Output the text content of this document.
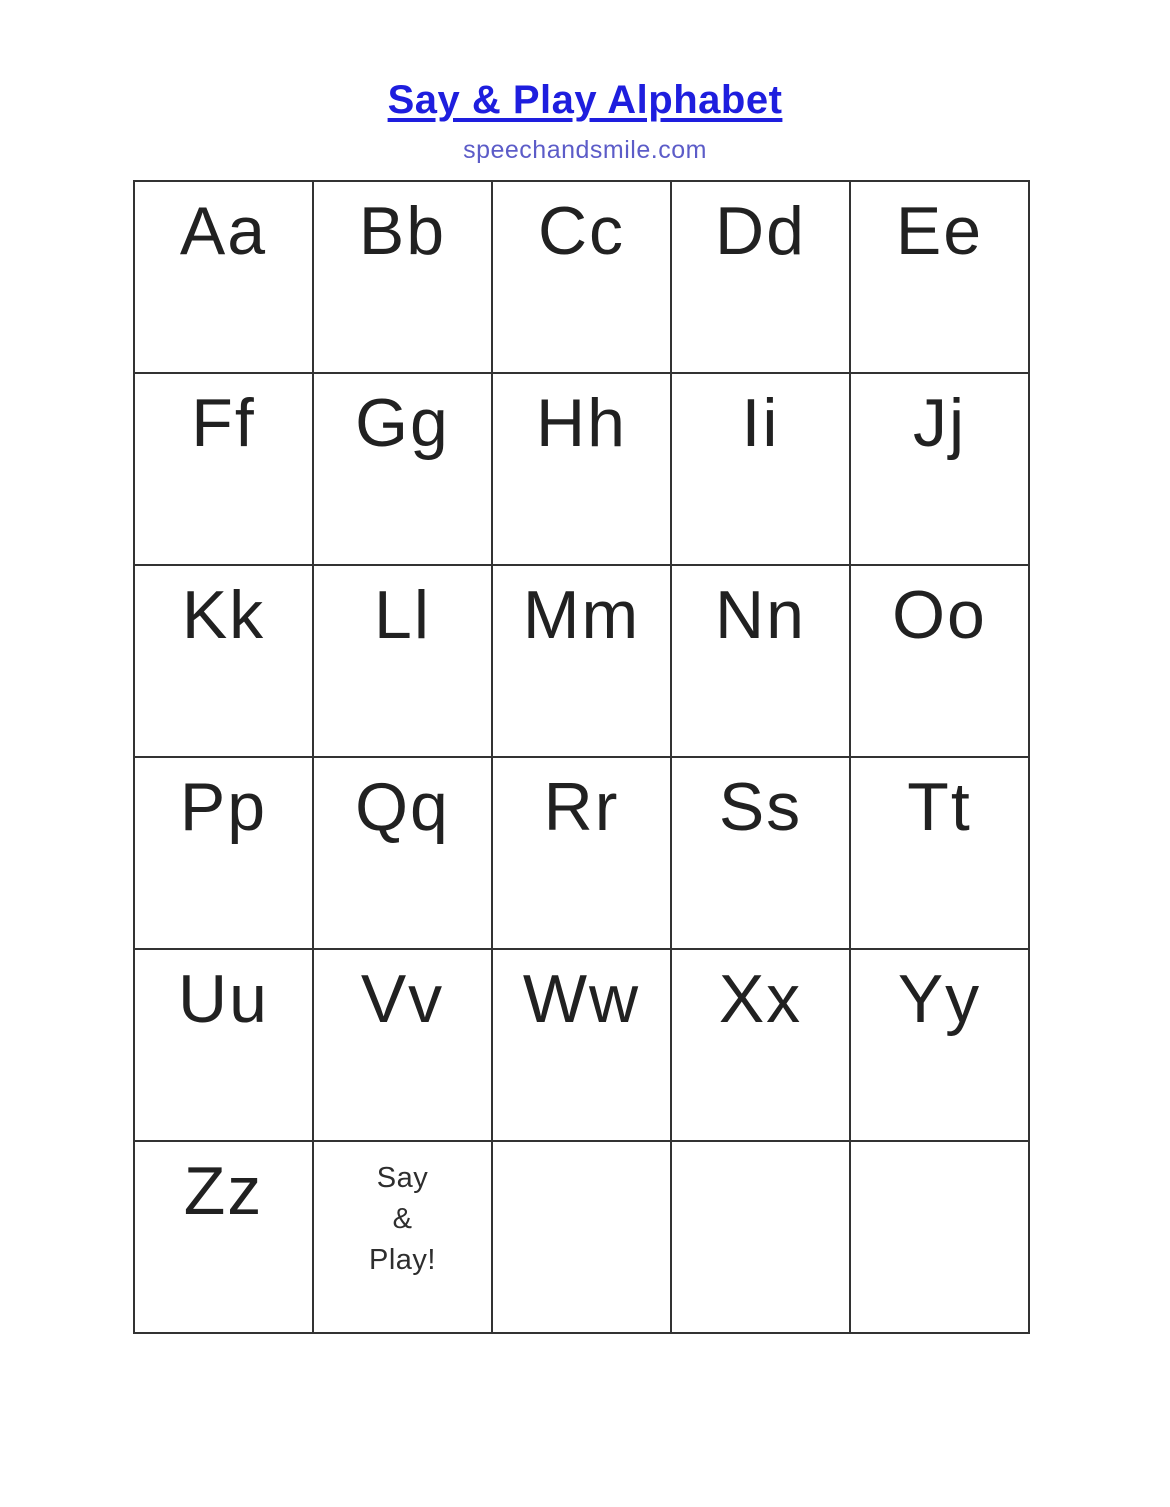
Say & Play Alphabet
speechandsmile.com
Aa	Bb	Cc	Dd	Ee
Ff	Gg	Hh	Ii	Jj
Kk	Ll	Mm	Nn	Oo
Pp	Qq	Rr	Ss	Tt
Uu	Vv	Ww	Xx	Yy
Zz	Say
&
Play!			
